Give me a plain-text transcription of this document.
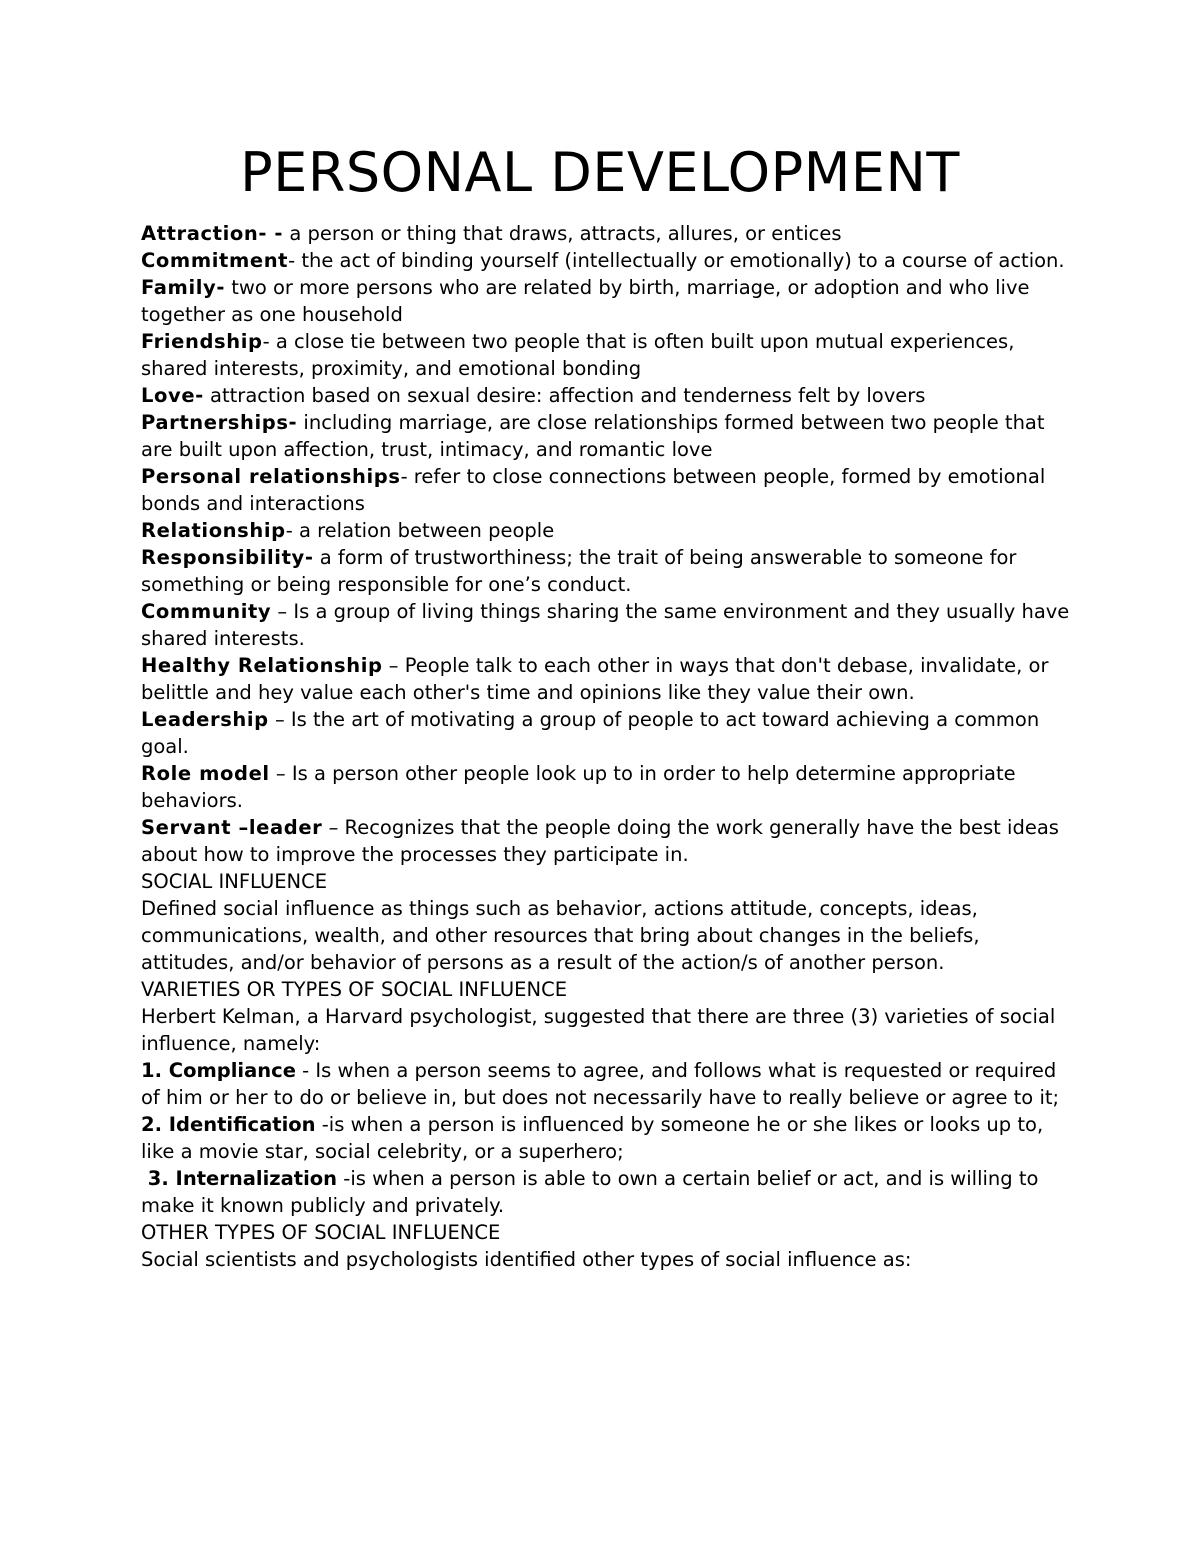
PERSONAL DEVELOPMENT

Attraction- - a person or thing that draws, attracts, allures, or entices

Commitment- the act of binding yourself (intellectually or emotionally) to a course of action.

Family- two or more persons who are related by birth, marriage, or adoption and who live together as one household

Friendship- a close tie between two people that is often built upon mutual experiences, shared interests, proximity, and emotional bonding

Love- attraction based on sexual desire: affection and tenderness felt by lovers

Partnerships- including marriage, are close relationships formed between two people that are built upon affection, trust, intimacy, and romantic love

Personal relationships- refer to close connections between people, formed by emotional bonds and interactions

Relationship- a relation between people

Responsibility- a form of trustworthiness; the trait of being answerable to someone for something or being responsible for one’s conduct.

Community – Is a group of living things sharing the same environment and they usually have shared interests.

Healthy Relationship – People talk to each other in ways that don't debase, invalidate, or belittle and hey value each other's time and opinions like they value their own.

Leadership – Is the art of motivating a group of people to act toward achieving a common goal.

Role model – Is a person other people look up to in order to help determine appropriate behaviors.

Servant –leader – Recognizes that the people doing the work generally have the best ideas about how to improve the processes they participate in.

SOCIAL INFLUENCE

Defined social influence as things such as behavior, actions attitude, concepts, ideas, communications, wealth, and other resources that bring about changes in the beliefs, attitudes, and/or behavior of persons as a result of the action/s of another person.

VARIETIES OR TYPES OF SOCIAL INFLUENCE

Herbert Kelman, a Harvard psychologist, suggested that there are three (3) varieties of social influence, namely:

1. Compliance - Is when a person seems to agree, and follows what is requested or required of him or her to do or believe in, but does not necessarily have to really believe or agree to it;

2. Identification -is when a person is influenced by someone he or she likes or looks up to, like a movie star, social celebrity, or a superhero;

3. Internalization -is when a person is able to own a certain belief or act, and is willing to make it known publicly and privately.

OTHER TYPES OF SOCIAL INFLUENCE

Social scientists and psychologists identified other types of social influence as:
